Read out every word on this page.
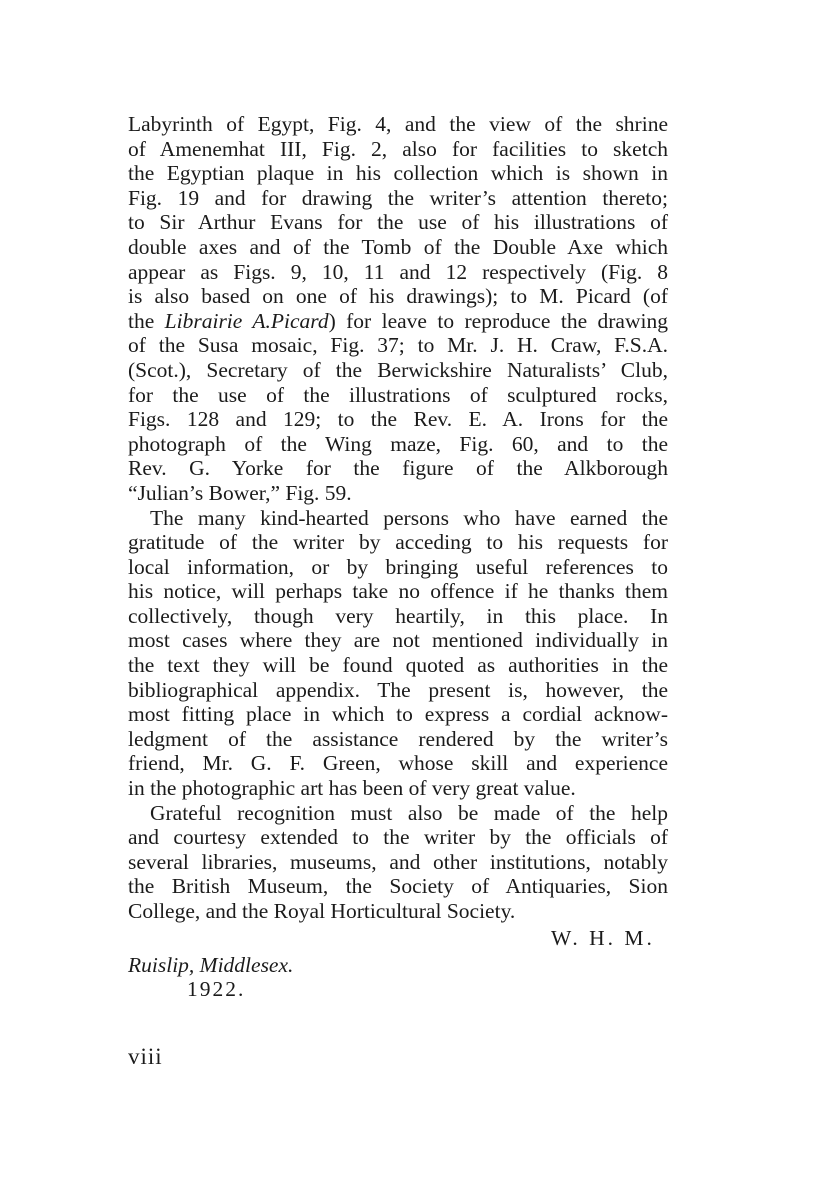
Labyrinth of Egypt, Fig. 4, and the view of the shrine
of Amenemhat III, Fig. 2, also for facilities to sketch
the Egyptian plaque in his collection which is shown in
Fig. 19 and for drawing the writer’s attention thereto;
to Sir Arthur Evans for the use of his illustrations of
double axes and of the Tomb of the Double Axe which
appear as Figs. 9, 10, 11 and 12 respectively (Fig. 8
is also based on one of his drawings); to M. Picard (of
the Librairie A.Picard) for leave to reproduce the drawing
of the Susa mosaic, Fig. 37; to Mr. J. H. Craw, F.S.A.
(Scot.), Secretary of the Berwickshire Naturalists’ Club,
for the use of the illustrations of sculptured rocks,
Figs. 128 and 129; to the Rev. E. A. Irons for the
photograph of the Wing maze, Fig. 60, and to the
Rev. G. Yorke for the figure of the Alkborough
“Julian’s Bower,” Fig. 59.
The many kind-hearted persons who have earned the
gratitude of the writer by acceding to his requests for
local information, or by bringing useful references to
his notice, will perhaps take no offence if he thanks them
collectively, though very heartily, in this place. In
most cases where they are not mentioned individually in
the text they will be found quoted as authorities in the
bibliographical appendix. The present is, however, the
most fitting place in which to express a cordial acknow-
ledgment of the assistance rendered by the writer’s
friend, Mr. G. F. Green, whose skill and experience
in the photographic art has been of very great value.
Grateful recognition must also be made of the help
and courtesy extended to the writer by the officials of
several libraries, museums, and other institutions, notably
the British Museum, the Society of Antiquaries, Sion
College, and the Royal Horticultural Society.
W. H. M.
Ruislip, Middlesex.
1922.
viii
